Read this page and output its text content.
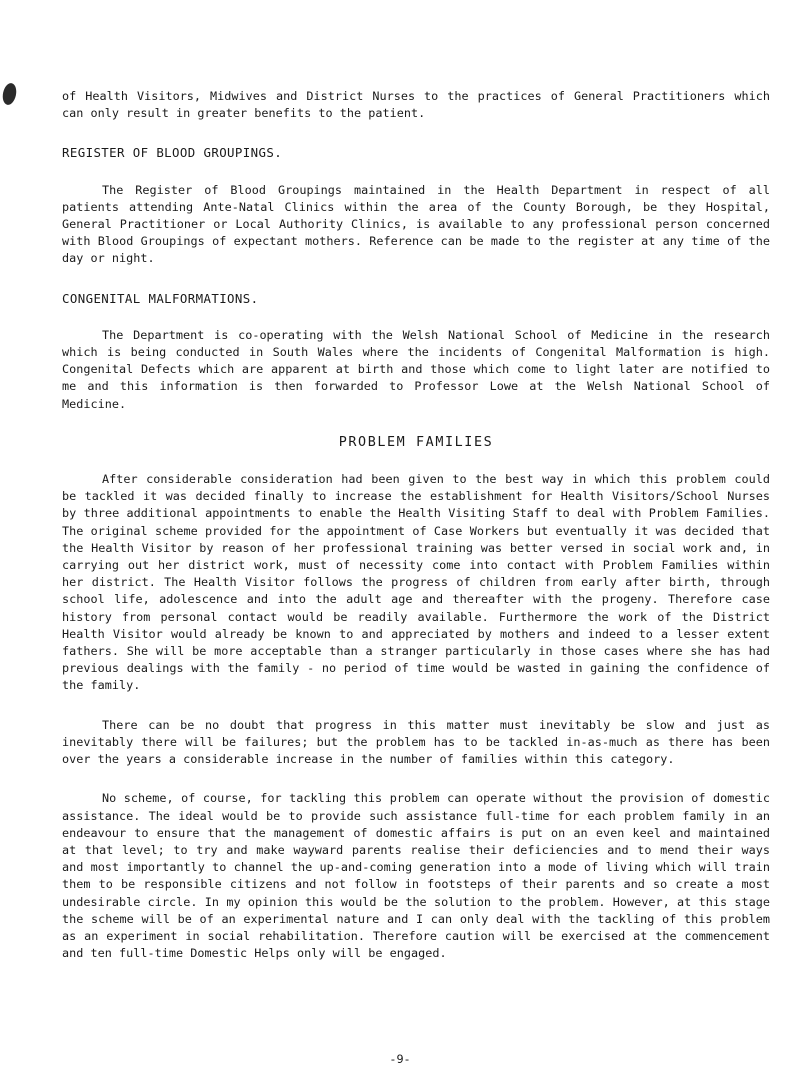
of Health Visitors, Midwives and District Nurses to the practices of General Practitioners which can only result in greater benefits to the patient.

REGISTER OF BLOOD GROUPINGS.

The Register of Blood Groupings maintained in the Health Department in respect of all patients attending Ante-Natal Clinics within the area of the County Borough, be they Hospital, General Practitioner or Local Authority Clinics, is available to any professional person concerned with Blood Groupings of expectant mothers. Reference can be made to the register at any time of the day or night.

CONGENITAL MALFORMATIONS.

The Department is co-operating with the Welsh National School of Medicine in the research which is being conducted in South Wales where the incidents of Congenital Malformation is high. Congenital Defects which are apparent at birth and those which come to light later are notified to me and this information is then forwarded to Professor Lowe at the Welsh National School of Medicine.

PROBLEM FAMILIES

After considerable consideration had been given to the best way in which this problem could be tackled it was decided finally to increase the establishment for Health Visitors/School Nurses by three additional appointments to enable the Health Visiting Staff to deal with Problem Families. The original scheme provided for the appointment of Case Workers but eventually it was decided that the Health Visitor by reason of her professional training was better versed in social work and, in carrying out her district work, must of necessity come into contact with Problem Families within her district. The Health Visitor follows the progress of children from early after birth, through school life, adolescence and into the adult age and thereafter with the progeny. Therefore case history from personal contact would be readily available. Furthermore the work of the District Health Visitor would already be known to and appreciated by mothers and indeed to a lesser extent fathers. She will be more acceptable than a stranger particularly in those cases where she has had previous dealings with the family - no period of time would be wasted in gaining the confidence of the family.

There can be no doubt that progress in this matter must inevitably be slow and just as inevitably there will be failures; but the problem has to be tackled in-as-much as there has been over the years a considerable increase in the number of families within this category.

No scheme, of course, for tackling this problem can operate without the provision of domestic assistance. The ideal would be to provide such assistance full-time for each problem family in an endeavour to ensure that the management of domestic affairs is put on an even keel and maintained at that level; to try and make wayward parents realise their deficiencies and to mend their ways and most importantly to channel the up-and-coming generation into a mode of living which will train them to be responsible citizens and not follow in footsteps of their parents and so create a most undesirable circle. In my opinion this would be the solution to the problem. However, at this stage the scheme will be of an experimental nature and I can only deal with the tackling of this problem as an experiment in social rehabilitation. Therefore caution will be exercised at the commencement and ten full-time Domestic Helps only will be engaged.

-9-
